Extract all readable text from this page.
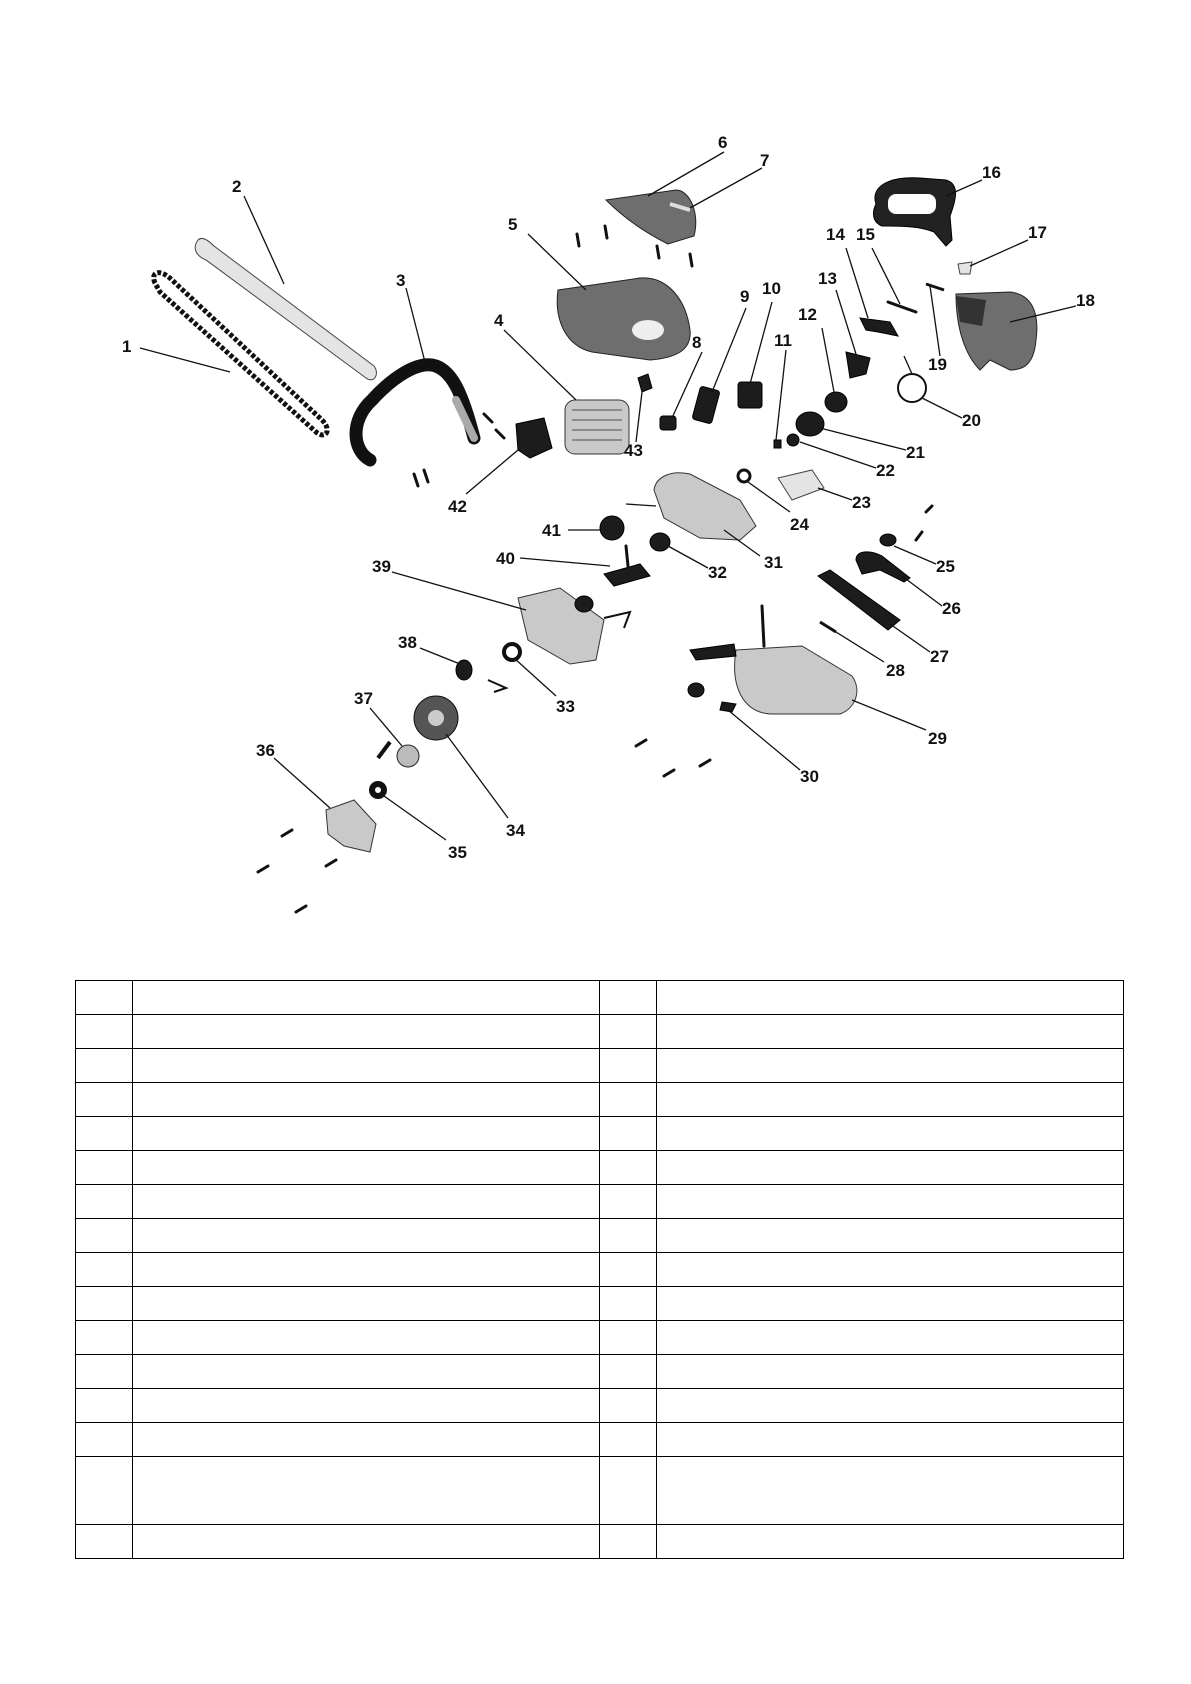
1
2
3
4
5
6
7
8
9 10
11
12
13
14 15
16
17
18
19
20
21
22
23
24
25
26
27
28
29
30
31
32
33
34
35
36
37
38
39	40
41
42
43
